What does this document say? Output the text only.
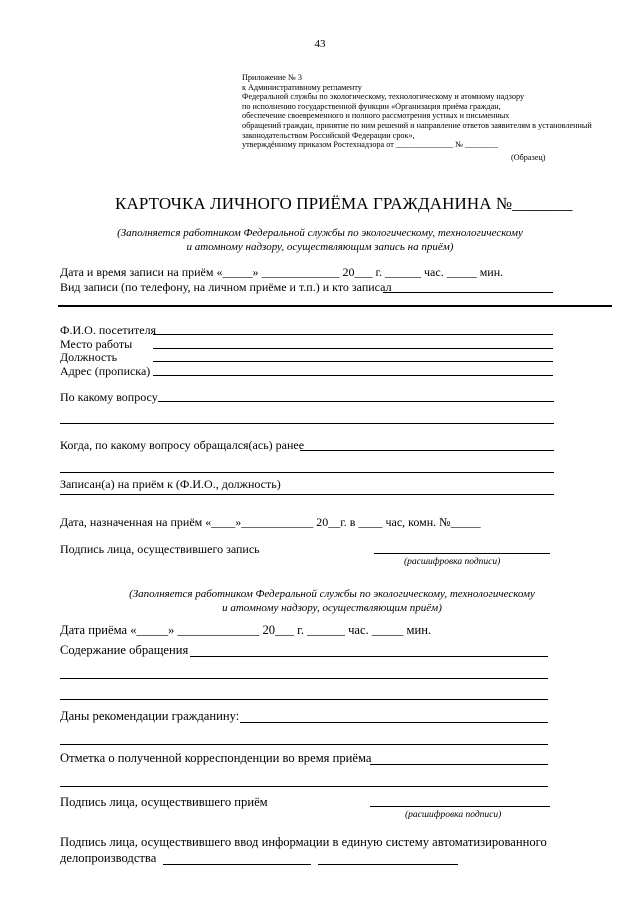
43
Приложение № 3
к Административному регламенту
Федеральной службы по экологическому, технологическому и атомному надзору
по исполнению государственной функции «Организация приёма граждан,
обеспечение своевременного и полного рассмотрения устных и письменных
обращений граждан, принятие по ним решений и направление ответов заявителям в установленный
законодательством Российской Федерации срок»,
утверждённому приказом Ростехнадзора от ______________ № ________
(Образец)
КАРТОЧКА ЛИЧНОГО ПРИЁМА ГРАЖДАНИНА №_______
(Заполняется работником Федеральной службы по экологическому, технологическому
и атомному надзору, осуществляющим запись на приём)
Дата и время записи на приём «_____» _____________ 20___ г. ______ час. _____ мин.
Вид записи (по телефону, на личном приёме и т.п.) и кто записал
Ф.И.О. посетителя
Место работы
Должность
Адрес (прописка)
По какому вопросу
Когда, по какому вопросу обращался(ась) ранее
Записан(а) на приём к (Ф.И.О., должность)
Дата, назначенная на приём «____»____________ 20__г. в ____ час, комн. №_____
Подпись лица, осуществившего запись
(расшифровка подписи)
(Заполняется работником Федеральной службы по экологическому, технологическому
и атомному надзору, осуществляющим приём)
Дата приёма «_____» _____________ 20___ г. ______ час. _____ мин.
Содержание обращения
Даны рекомендации гражданину:
Отметка о полученной корреспонденции во время приёма
Подпись лица, осуществившего приём
(расшифровка подписи)
Подпись лица, осуществившего ввод информации в единую систему автоматизированного
делопроизводства
